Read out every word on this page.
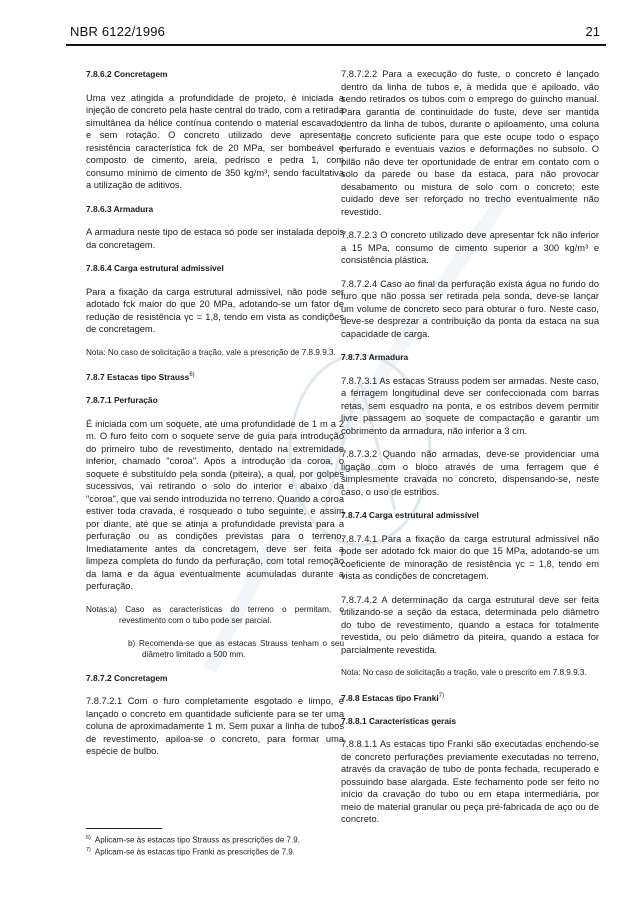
NBR 6122/1996	21
7.8.6.2 Concretagem

Uma vez atingida a profundidade de projeto, é iniciada a injeção de concreto pela haste central do trado, com a retirada simultânea da hélice contínua contendo o material escavado, e sem rotação. O concreto utilizado deve apresentar resistência característica fck de 20 MPa, ser bombeável e composto de cimento, areia, pedrisco e pedra 1, com consumo mínimo de cimento de 350 kg/m³, sendo facultativa a utilização de aditivos.

7.8.6.3 Armadura

A armadura neste tipo de estaca só pode ser instalada depois da concretagem.

7.8.6.4 Carga estrutural admissível

Para a fixação da carga estrutural admissível, não pode ser adotado fck maior do que 20 MPa, adotando-se um fator de redução de resistência γc = 1,8, tendo em vista as condições de concretagem.

Nota: No caso de solicitação a tração, vale a prescrição de 7.8.9.9.3.

7.8.7 Estacas tipo Strauss$^{6)}$
7.8.7.1 Perfuração

É iniciada com um soquete, até uma profundidade de 1 m a 2 m. O furo feito com o soquete serve de guia para introdução do primeiro tubo de revestimento, dentado na extremidade inferior, chamado "coroa". Após a introdução da coroa, o soquete é substituído pela sonda (piteira), a qual, por golpes sucessivos, vai retirando o solo do interior e abaixo da "coroa", que vai sendo introduzida no terreno. Quando a coroa estiver toda cravada, é rosqueado o tubo seguinte, e assim por diante, até que se atinja a profundidade prevista para a perfuração ou as condições previstas para o terreno. Imediatamente antes da concretagem, deve ser feita a limpeza completa do fundo da perfuração, com total remoção da lama e da água eventualmente acumuladas durante a perfuração.

Notas:a) Caso as características do terreno o permitam, o revestimento com o tubo pode ser parcial.

b) Recomenda-se que as estacas Strauss tenham o seu diâmetro limitado a 500 mm.

7.8.7.2 Concretagem

7.8.7.2.1 Com o furo completamente esgotado e limpo, é lançado o concreto em quantidade suficiente para se ter uma coluna de aproximadamente 1 m. Sem puxar a linha de tubos de revestimento, apiloa-se o concreto, para formar uma espécie de bulbo.

7.8.7.2.2 Para a execução do fuste, o concreto é lançado dentro da linha de tubos e, à medida que é apiloado, vão sendo retirados os tubos com o emprego do guincho manual. Para garantia de continuidade do fuste, deve ser mantida dentro da linha de tubos, durante o apiloamento, uma coluna de concreto suficiente para que este ocupe todo o espaço perfurado e eventuais vazios e deformações no subsolo. O pilão não deve ter oportunidade de entrar em contato com o solo da parede ou base da estaca, para não provocar desabamento ou mistura de solo com o concreto; este cuidado deve ser reforçado no trecho eventualmente não revestido.

7.8.7.2.3 O concreto utilizado deve apresentar fck não inferior a 15 MPa, consumo de cimento superior a 300 kg/m³ e consistência plástica.

7.8.7.2.4 Caso ao final da perfuração exista água no fundo do furo que não possa ser retirada pela sonda, deve-se lançar um volume de concreto seco para obturar o furo. Neste caso, deve-se desprezar a contribuição da ponta da estaca na sua capacidade de carga.

7.8.7.3 Armadura

7.8.7.3.1 As estacas Strauss podem ser armadas. Neste caso, a ferragem longitudinal deve ser confeccionada com barras retas, sem esquadro na ponta, e os estribos devem permitir livre passagem ao soquete de compactação e garantir um cobrimento da armadura, não inferior a 3 cm.

7.8.7.3.2 Quando não armadas, deve-se providenciar uma ligação com o bloco através de uma ferragem que é simplesmente cravada no concreto, dispensando-se, neste caso, o uso de estribos.

7.8.7.4 Carga estrutural admissível

7.8.7.4.1 Para a fixação da carga estrutural admissível não pode ser adotado fck maior do que 15 MPa, adotando-se um coeficiente de minoração de resistência γc = 1,8, tendo em vista as condições de concretagem.

7.8.7.4.2 A determinação da carga estrutural deve ser feita utilizando-se a seção da estaca, determinada pelo diâmetro do tubo de revestimento, quando a estaca for totalmente revestida, ou pelo diâmetro da piteira, quando a estaca for parcialmente revestida.

Nota: No caso de solicitação a tração, vale o prescrito em 7.8.9.9.3.

7.8.8 Estacas tipo Franki$^{7)}$
7.8.8.1 Características gerais

7.8.8.1.1 As estacas tipo Franki são executadas enchendo-se de concreto perfurações previamente executadas no terreno, através da cravação de tubo de ponta fechada, recuperado e possuindo base alargada. Este fechamento pode ser feito no início da cravação do tubo ou em etapa intermediária, por meio de material granular ou peça pré-fabricada de aço ou de concreto.

$^{6)}$ Aplicam-se às estacas tipo Strauss as prescrições de 7.9.
$^{7)}$ Aplicam-se às estacas tipo Franki as prescrições de 7.9.
